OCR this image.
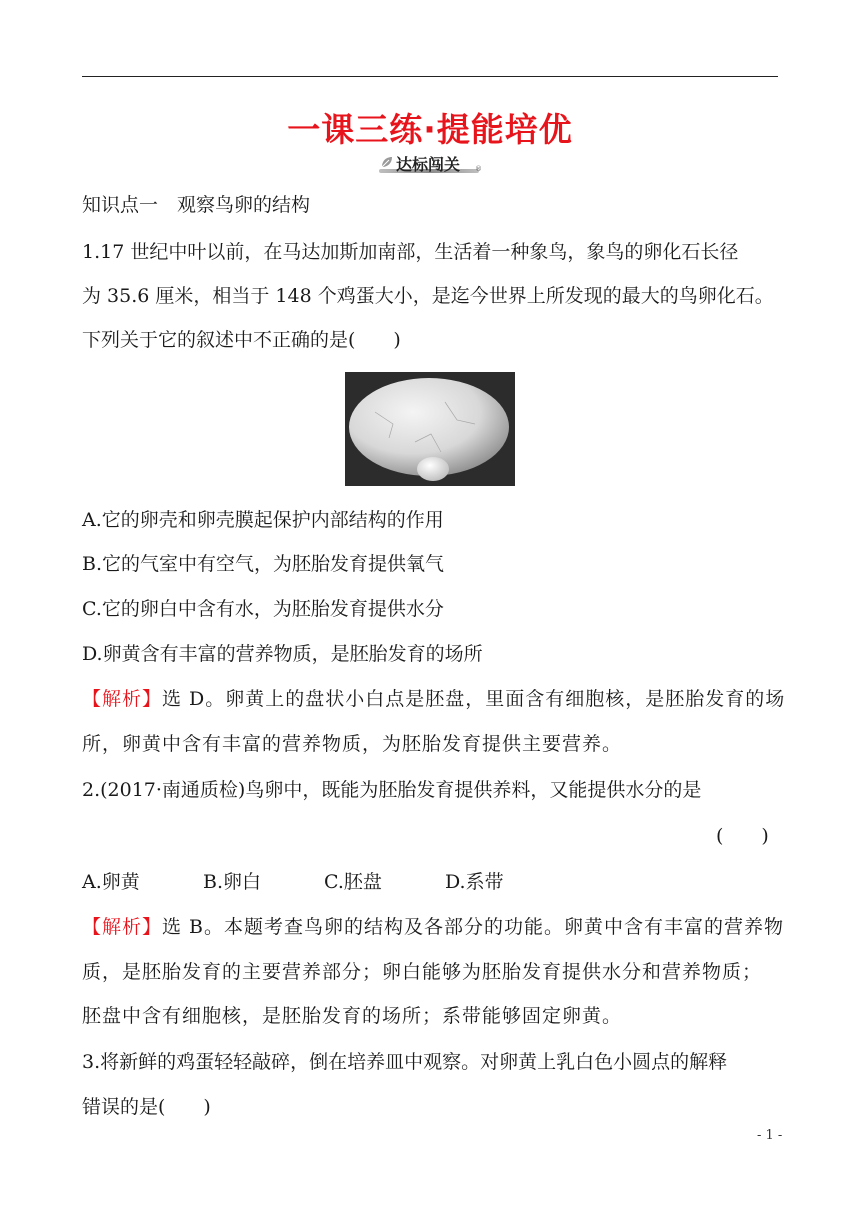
一课三练·提能培优
达标闯关 ®
知识点一　观察鸟卵的结构
1.17 世纪中叶以前，在马达加斯加南部，生活着一种象鸟，象鸟的卵化石长径
为 35.6 厘米，相当于 148 个鸡蛋大小，是迄今世界上所发现的最大的鸟卵化石。
下列关于它的叙述中不正确的是(　　)
A.它的卵壳和卵壳膜起保护内部结构的作用
B.它的气室中有空气，为胚胎发育提供氧气
C.它的卵白中含有水，为胚胎发育提供水分
D.卵黄含有丰富的营养物质，是胚胎发育的场所
【解析】选 D。卵黄上的盘状小白点是胚盘，里面含有细胞核，是胚胎发育的场
所，卵黄中含有丰富的营养物质，为胚胎发育提供主要营养。
2.(2017·南通质检)鸟卵中，既能为胚胎发育提供养料，又能提供水分的是
(　　)
A.卵黄	B.卵白	C.胚盘	D.系带
【解析】选 B。本题考查鸟卵的结构及各部分的功能。卵黄中含有丰富的营养物
质，是胚胎发育的主要营养部分；卵白能够为胚胎发育提供水分和营养物质；
胚盘中含有细胞核，是胚胎发育的场所；系带能够固定卵黄。
3.将新鲜的鸡蛋轻轻敲碎，倒在培养皿中观察。对卵黄上乳白色小圆点的解释
错误的是(　　)
- 1 -
